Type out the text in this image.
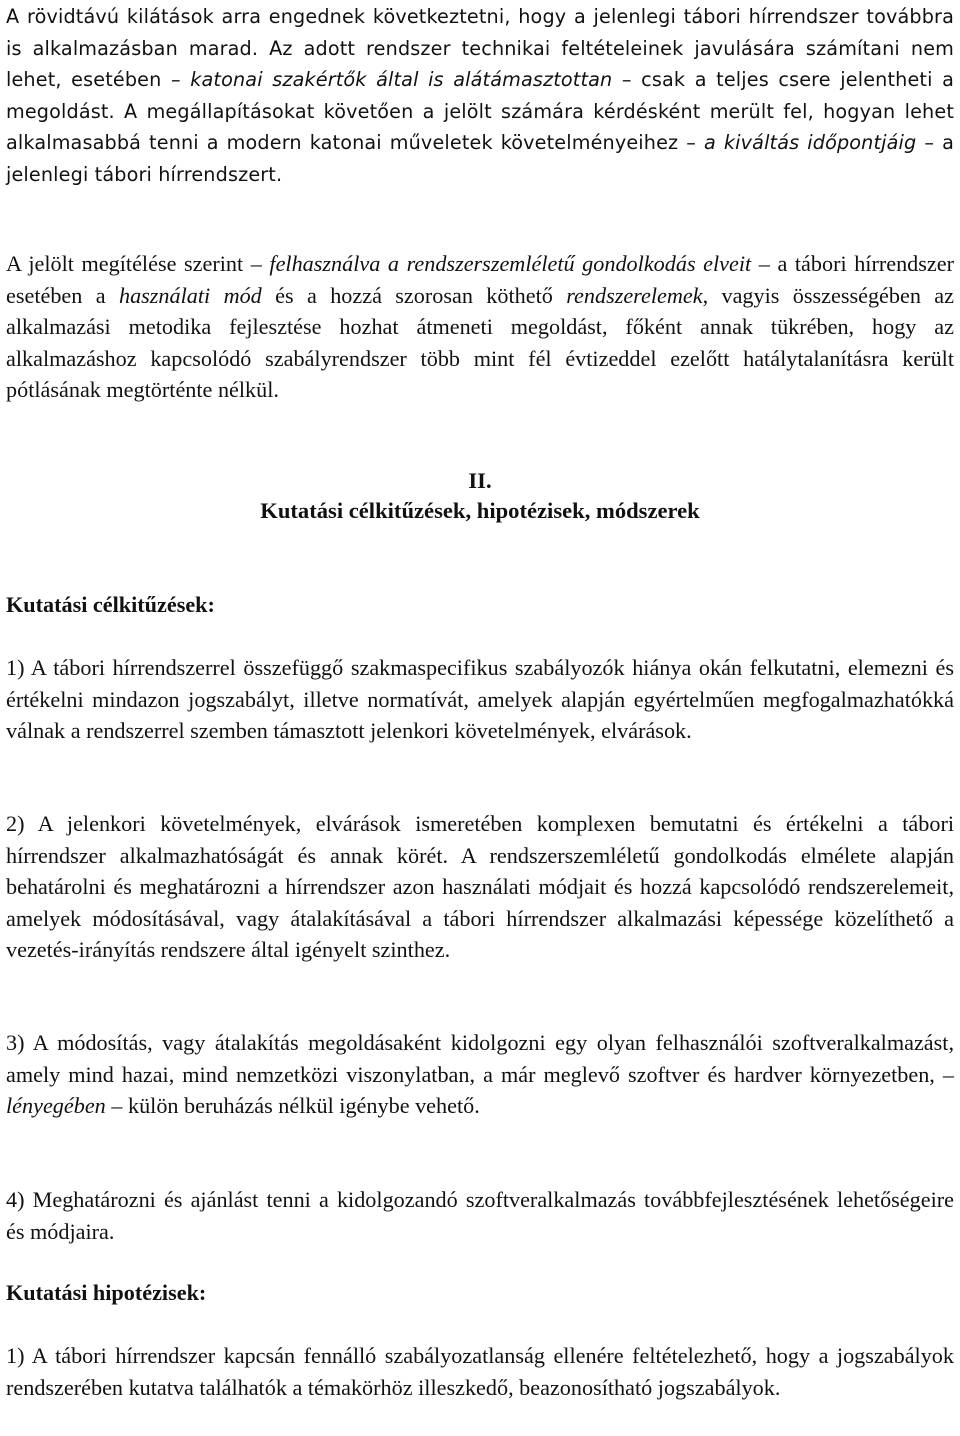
A rövidtávú kilátások arra engednek következtetni, hogy a jelenlegi tábori hírrendszer továbbra is alkalmazásban marad. Az adott rendszer technikai feltételeinek javulására számítani nem lehet, esetében – katonai szakértők által is alátámasztottan – csak a teljes csere jelentheti a megoldást. A megállapításokat követően a jelölt számára kérdésként merült fel, hogyan lehet alkalmasabbá tenni a modern katonai műveletek követelményeihez – a kiváltás időpontjáig – a jelenlegi tábori hírrendszert.

A jelölt megítélése szerint – felhasználva a rendszerszemléletű gondolkodás elveit – a tábori hírrendszer esetében a használati mód és a hozzá szorosan köthető rendszerelemek, vagyis összességében az alkalmazási metodika fejlesztése hozhat átmeneti megoldást, főként annak tükrében, hogy az alkalmazáshoz kapcsolódó szabályrendszer több mint fél évtizeddel ezelőtt hatálytalanításra került pótlásának megtörténte nélkül.

II.
Kutatási célkitűzések, hipotézisek, módszerek
Kutatási célkitűzések:

1) A tábori hírrendszerrel összefüggő szakmaspecifikus szabályozók hiánya okán felkutatni, elemezni és értékelni mindazon jogszabályt, illetve normatívát, amelyek alapján egyértelműen megfogalmazhatókká válnak a rendszerrel szemben támasztott jelenkori követelmények, elvárások.

2) A jelenkori követelmények, elvárások ismeretében komplexen bemutatni és értékelni a tábori hírrendszer alkalmazhatóságát és annak körét. A rendszerszemléletű gondolkodás elmélete alapján behatárolni és meghatározni a hírrendszer azon használati módjait és hozzá kapcsolódó rendszerelemeit, amelyek módosításával, vagy átalakításával a tábori hírrendszer alkalmazási képessége közelíthető a vezetés-irányítás rendszere által igényelt szinthez.

3) A módosítás, vagy átalakítás megoldásaként kidolgozni egy olyan felhasználói szoftveralkalmazást, amely mind hazai, mind nemzetközi viszonylatban, a már meglevő szoftver és hardver környezetben, – lényegében – külön beruházás nélkül igénybe vehető.

4) Meghatározni és ajánlást tenni a kidolgozandó szoftveralkalmazás továbbfejlesztésének lehetőségeire és módjaira.

Kutatási hipotézisek:

1) A tábori hírrendszer kapcsán fennálló szabályozatlanság ellenére feltételezhető, hogy a jogszabályok rendszerében kutatva találhatók a témakörhöz illeszkedő, beazonosítható jogszabályok.
